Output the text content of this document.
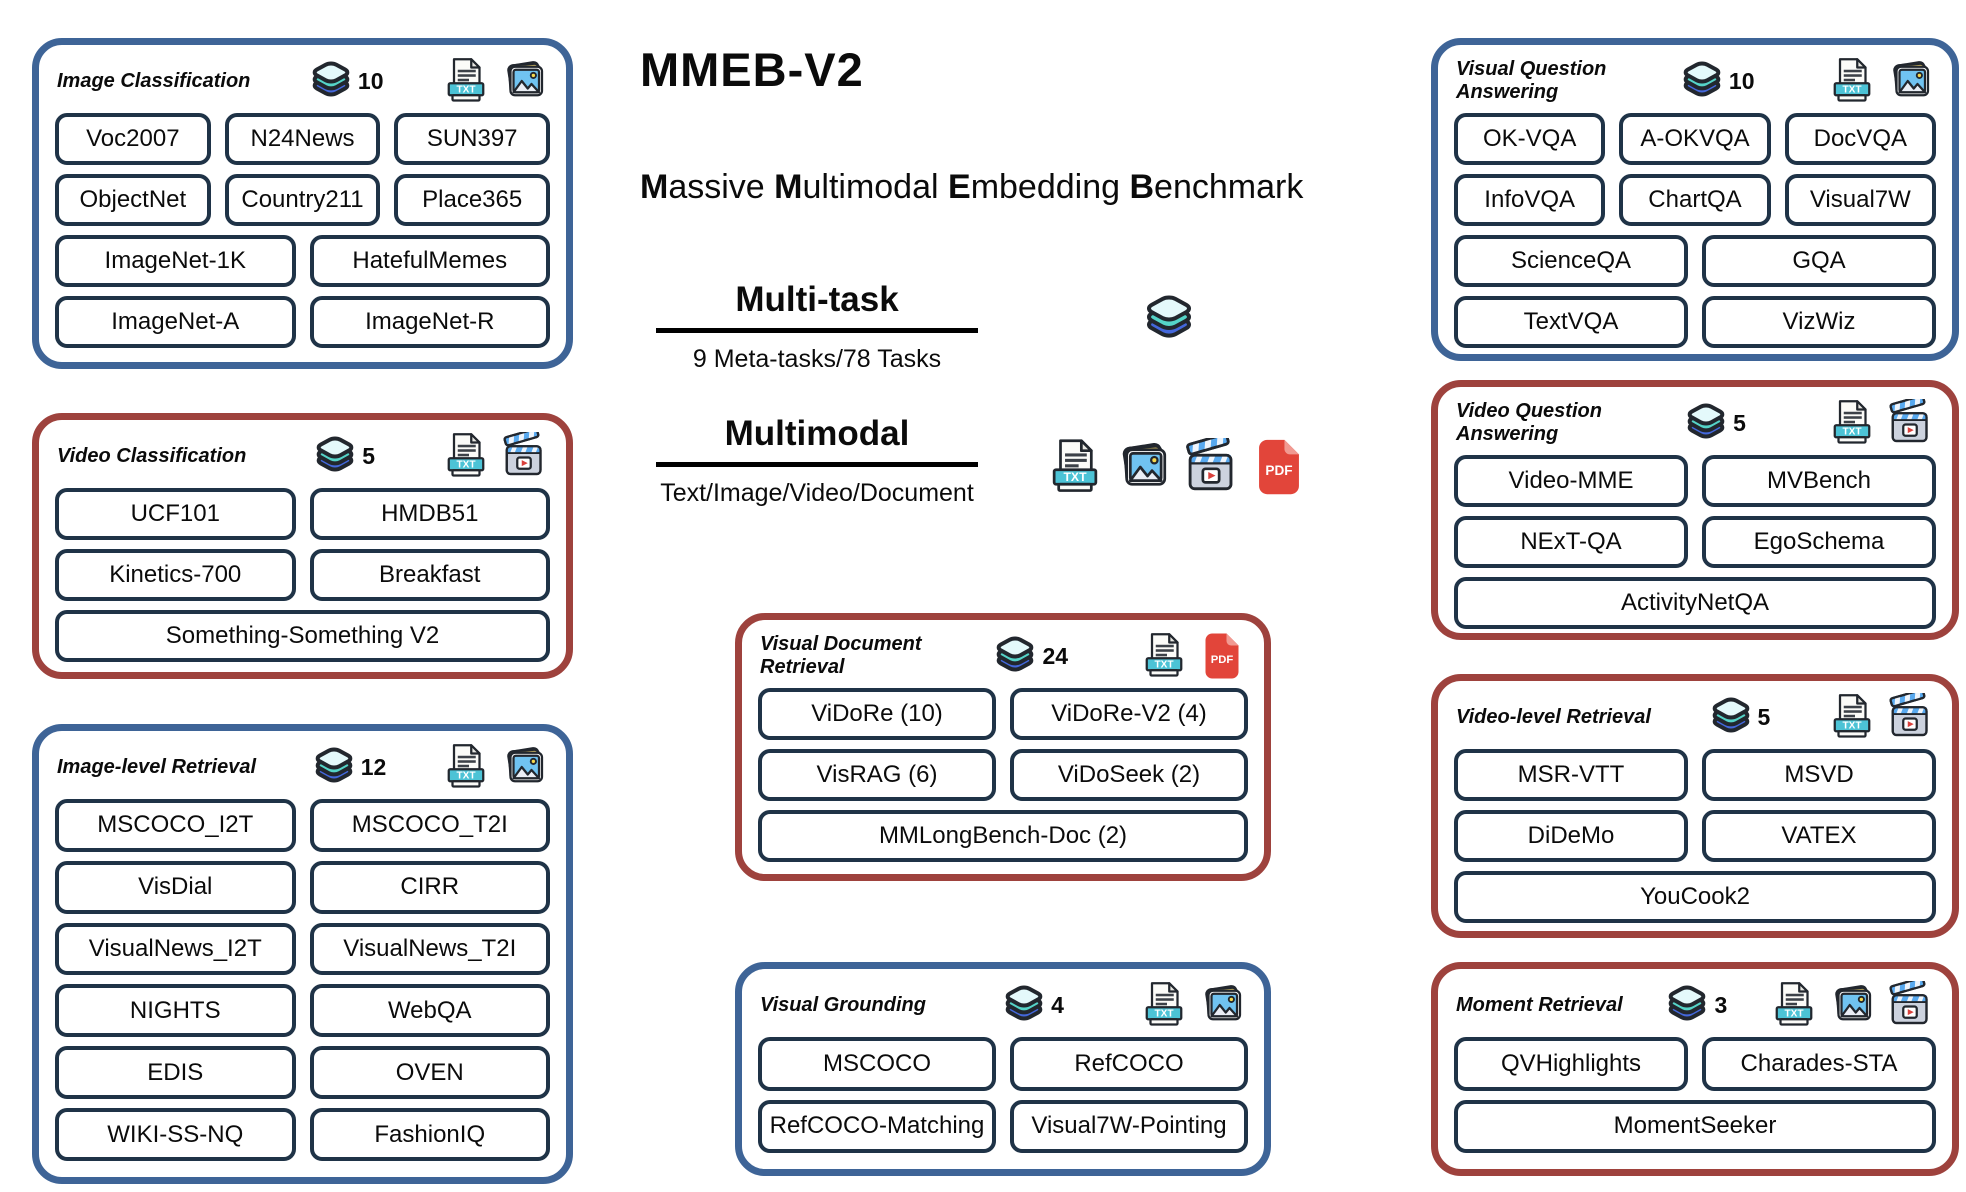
MMEB-V2
Massive Multimodal Embedding Benchmark
Multi-task
9 Meta-tasks/78 Tasks
Multimodal
Text/Image/Video/Document
TXT	PDF
Image Classification	10	TXT
Voc2007	N24News	SUN397
ObjectNet	Country211	Place365
ImageNet-1K	HatefulMemes
ImageNet-A	ImageNet-R
Video Classification	5	TXT
UCF101	HMDB51
Kinetics-700	Breakfast
Something-Something V2
Image-level Retrieval	12	TXT
MSCOCO_I2T	MSCOCO_T2I
VisDial	CIRR
VisualNews_I2T	VisualNews_T2I
NIGHTS	WebQA
EDIS	OVEN
WIKI-SS-NQ	FashionIQ
Visual Document
Retrieval	24	TXT PDF
ViDoRe (10)	ViDoRe-V2 (4)
VisRAG (6)	ViDoSeek (2)
MMLongBench-Doc (2)
Visual Grounding	4	TXT
MSCOCO	RefCOCO
RefCOCO-Matching	Visual7W-Pointing
Visual Question
Answering	10	TXT
OK-VQA	A-OKVQA	DocVQA
InfoVQA	ChartQA	Visual7W
ScienceQA	GQA
TextVQA	VizWiz
Video Question
Answering	5	TXT
Video-MME	MVBench
NExT-QA	EgoSchema
ActivityNetQA
Video-level Retrieval	5	TXT
MSR-VTT	MSVD
DiDeMo	VATEX
YouCook2
Moment Retrieval	3	TXT
QVHighlights	Charades-STA
MomentSeeker
